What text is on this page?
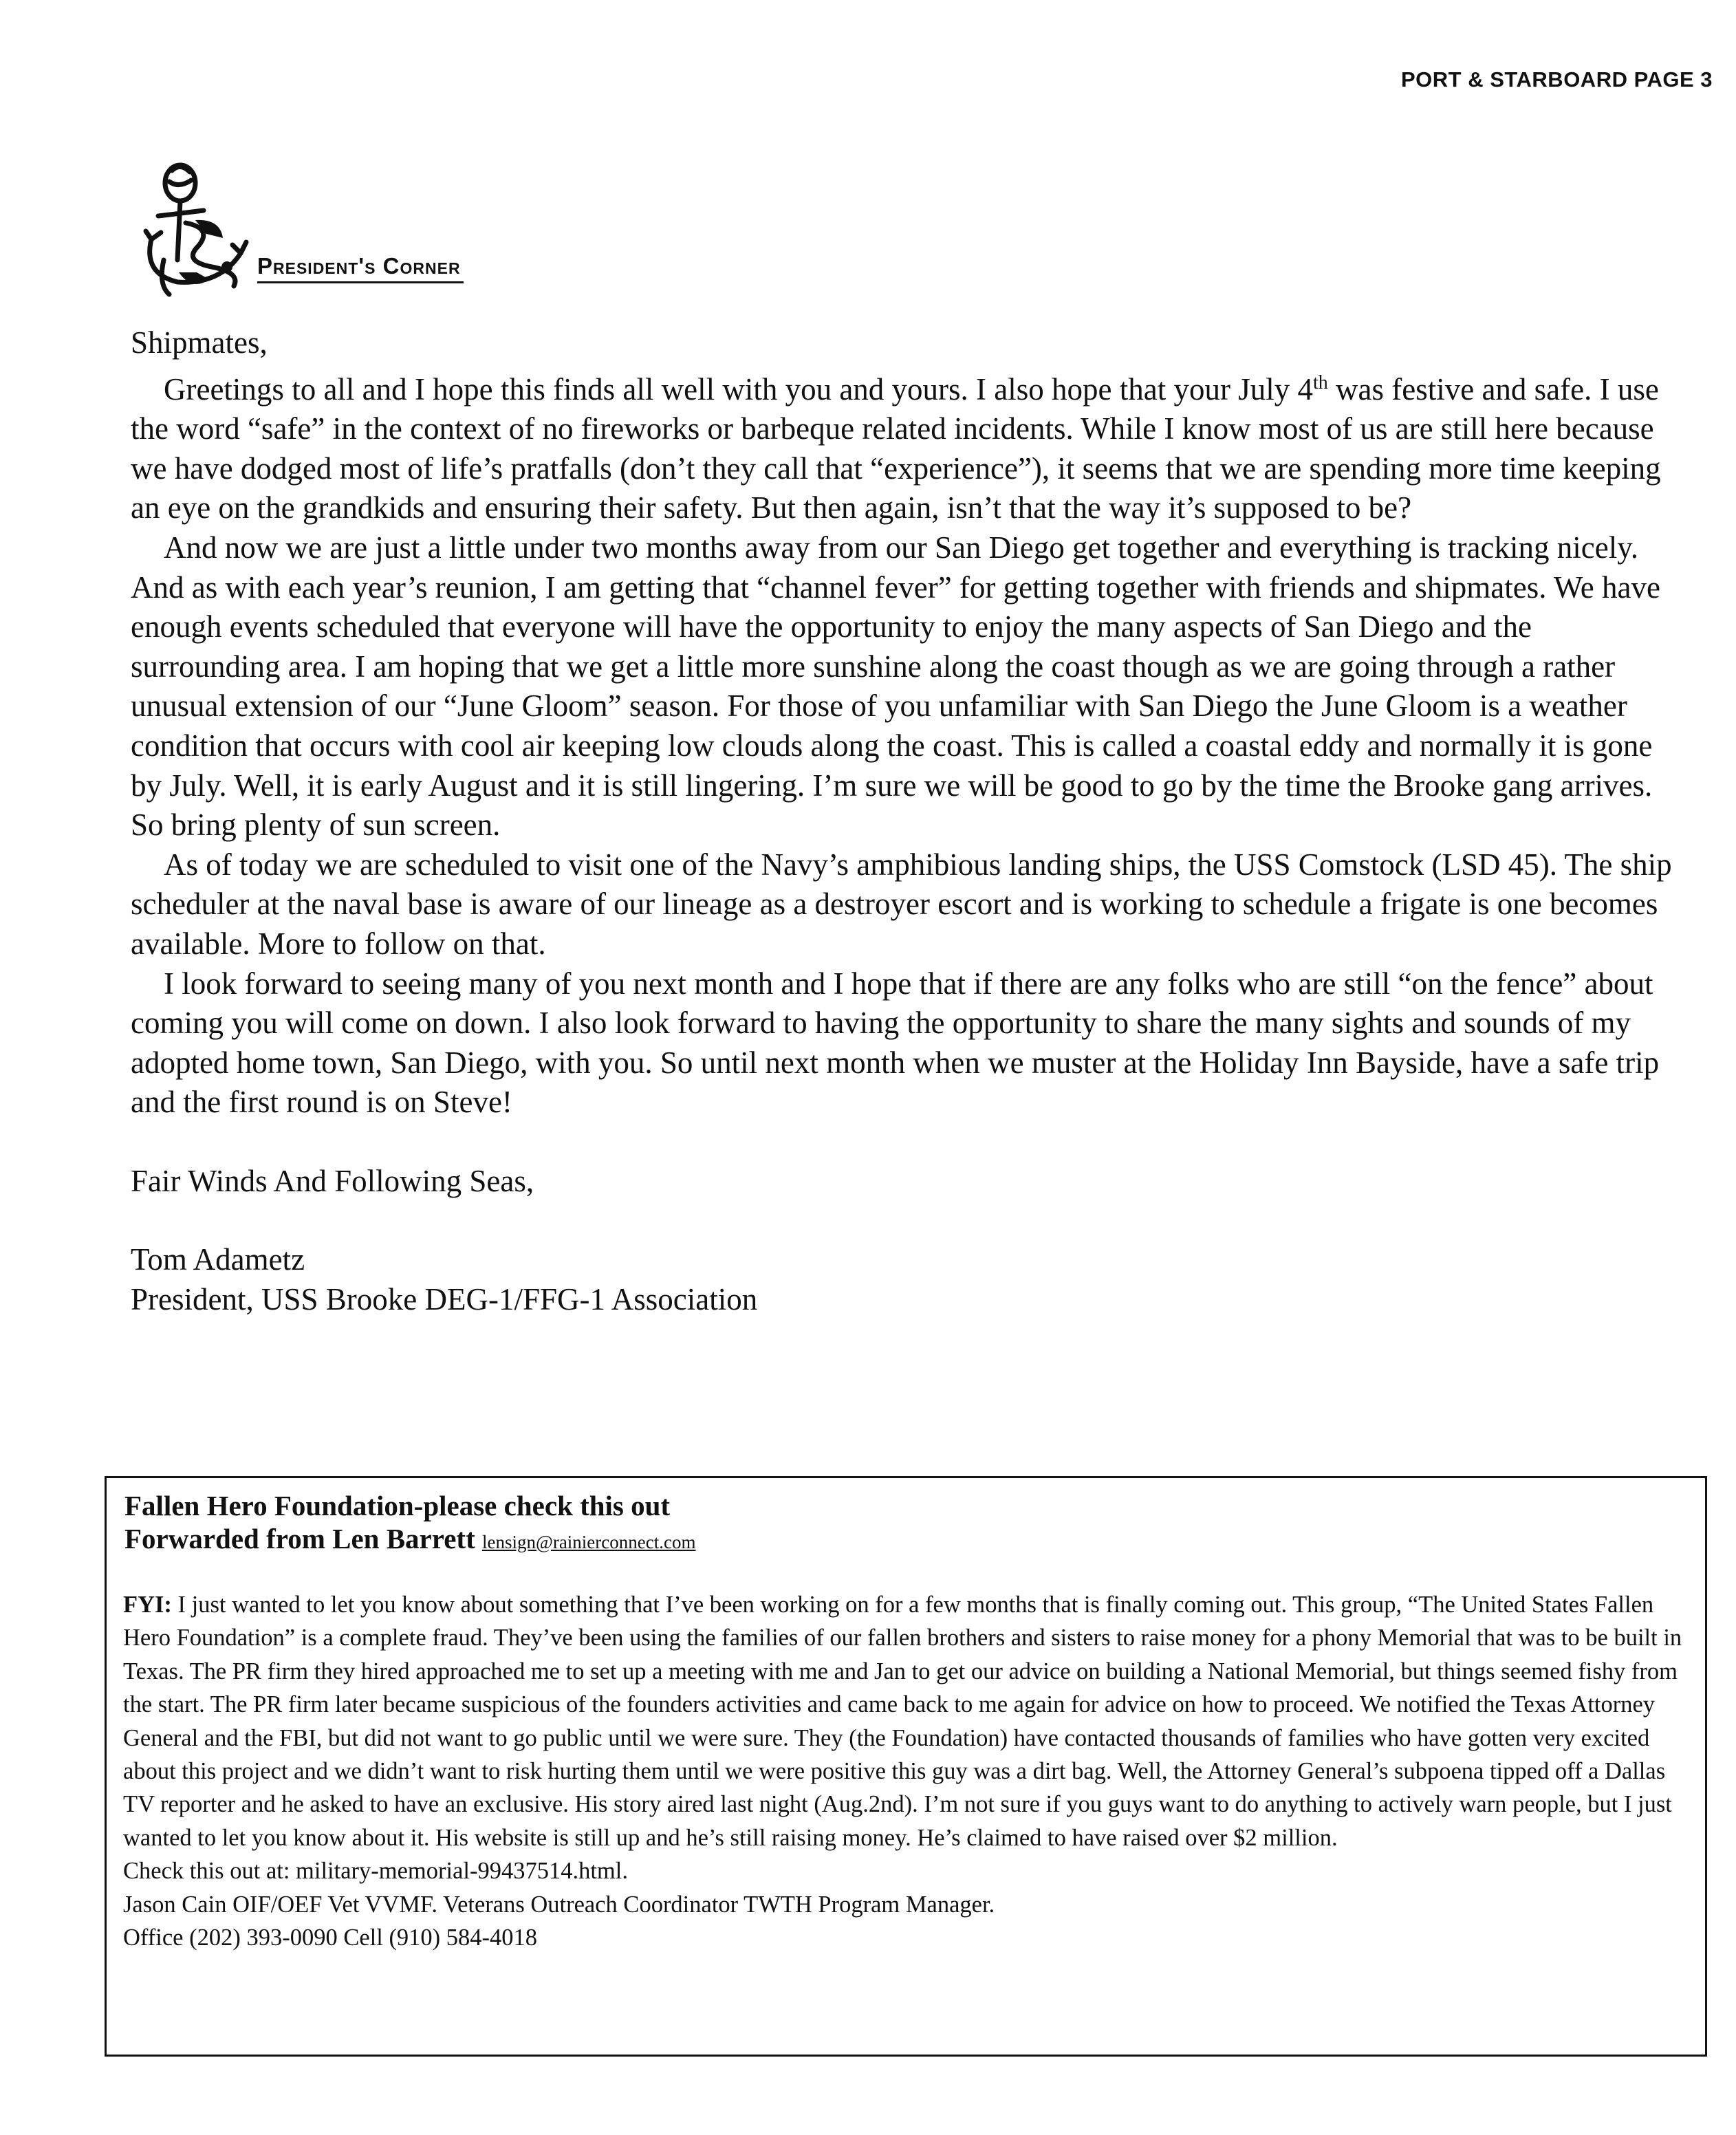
PORT & STARBOARD PAGE 3
President's Corner

Shipmates,

Greetings to all and I hope this finds all well with you and yours. I also hope that your July 4th was festive and safe. I use the word “safe” in the context of no fireworks or barbeque related incidents. While I know most of us are still here because we have dodged most of life’s pratfalls (don’t they call that “experience”), it seems that we are spending more time keeping an eye on the grandkids and ensuring their safety. But then again, isn’t that the way it’s supposed to be?

And now we are just a little under two months away from our San Diego get together and everything is tracking nicely. And as with each year’s reunion, I am getting that “channel fever” for getting together with friends and shipmates. We have enough events scheduled that everyone will have the opportunity to enjoy the many aspects of San Diego and the surrounding area. I am hoping that we get a little more sunshine along the coast though as we are going through a rather unusual extension of our “June Gloom” season. For those of you unfamiliar with San Diego the June Gloom is a weather condition that occurs with cool air keeping low clouds along the coast. This is called a coastal eddy and normally it is gone by July. Well, it is early August and it is still lingering. I’m sure we will be good to go by the time the Brooke gang arrives. So bring plenty of sun screen.

As of today we are scheduled to visit one of the Navy’s amphibious landing ships, the USS Comstock (LSD 45). The ship scheduler at the naval base is aware of our lineage as a destroyer escort and is working to schedule a frigate is one becomes available. More to follow on that.

I look forward to seeing many of you next month and I hope that if there are any folks who are still “on the fence” about coming you will come on down. I also look forward to having the opportunity to share the many sights and sounds of my adopted home town, San Diego, with you. So until next month when we muster at the Holiday Inn Bayside, have a safe trip and the first round is on Steve!

Fair Winds And Following Seas,

Tom Adametz

President, USS Brooke DEG-1/FFG-1 Association

Fallen Hero Foundation-please check this out
Forwarded from Len Barrett lensign@rainierconnect.com

FYI: I just wanted to let you know about something that I’ve been working on for a few months that is finally coming out. This group, “The United States Fallen Hero Foundation” is a complete fraud. They’ve been using the families of our fallen brothers and sisters to raise money for a phony Memorial that was to be built in Texas. The PR firm they hired approached me to set up a meeting with me and Jan to get our advice on building a National Memorial, but things seemed fishy from the start. The PR firm later became suspicious of the founders activities and came back to me again for advice on how to proceed. We notified the Texas Attorney General and the FBI, but did not want to go public until we were sure. They (the Foundation) have contacted thousands of families who have gotten very excited about this project and we didn’t want to risk hurting them until we were positive this guy was a dirt bag. Well, the Attorney General’s subpoena tipped off a Dallas TV reporter and he asked to have an exclusive. His story aired last night (Aug.2nd). I’m not sure if you guys want to do anything to actively warn people, but I just wanted to let you know about it. His website is still up and he’s still raising money. He’s claimed to have raised over $2 million.

Check this out at: military-memorial-99437514.html.

Jason Cain OIF/OEF Vet VVMF. Veterans Outreach Coordinator TWTH Program Manager.

Office (202) 393-0090 Cell (910) 584-4018
